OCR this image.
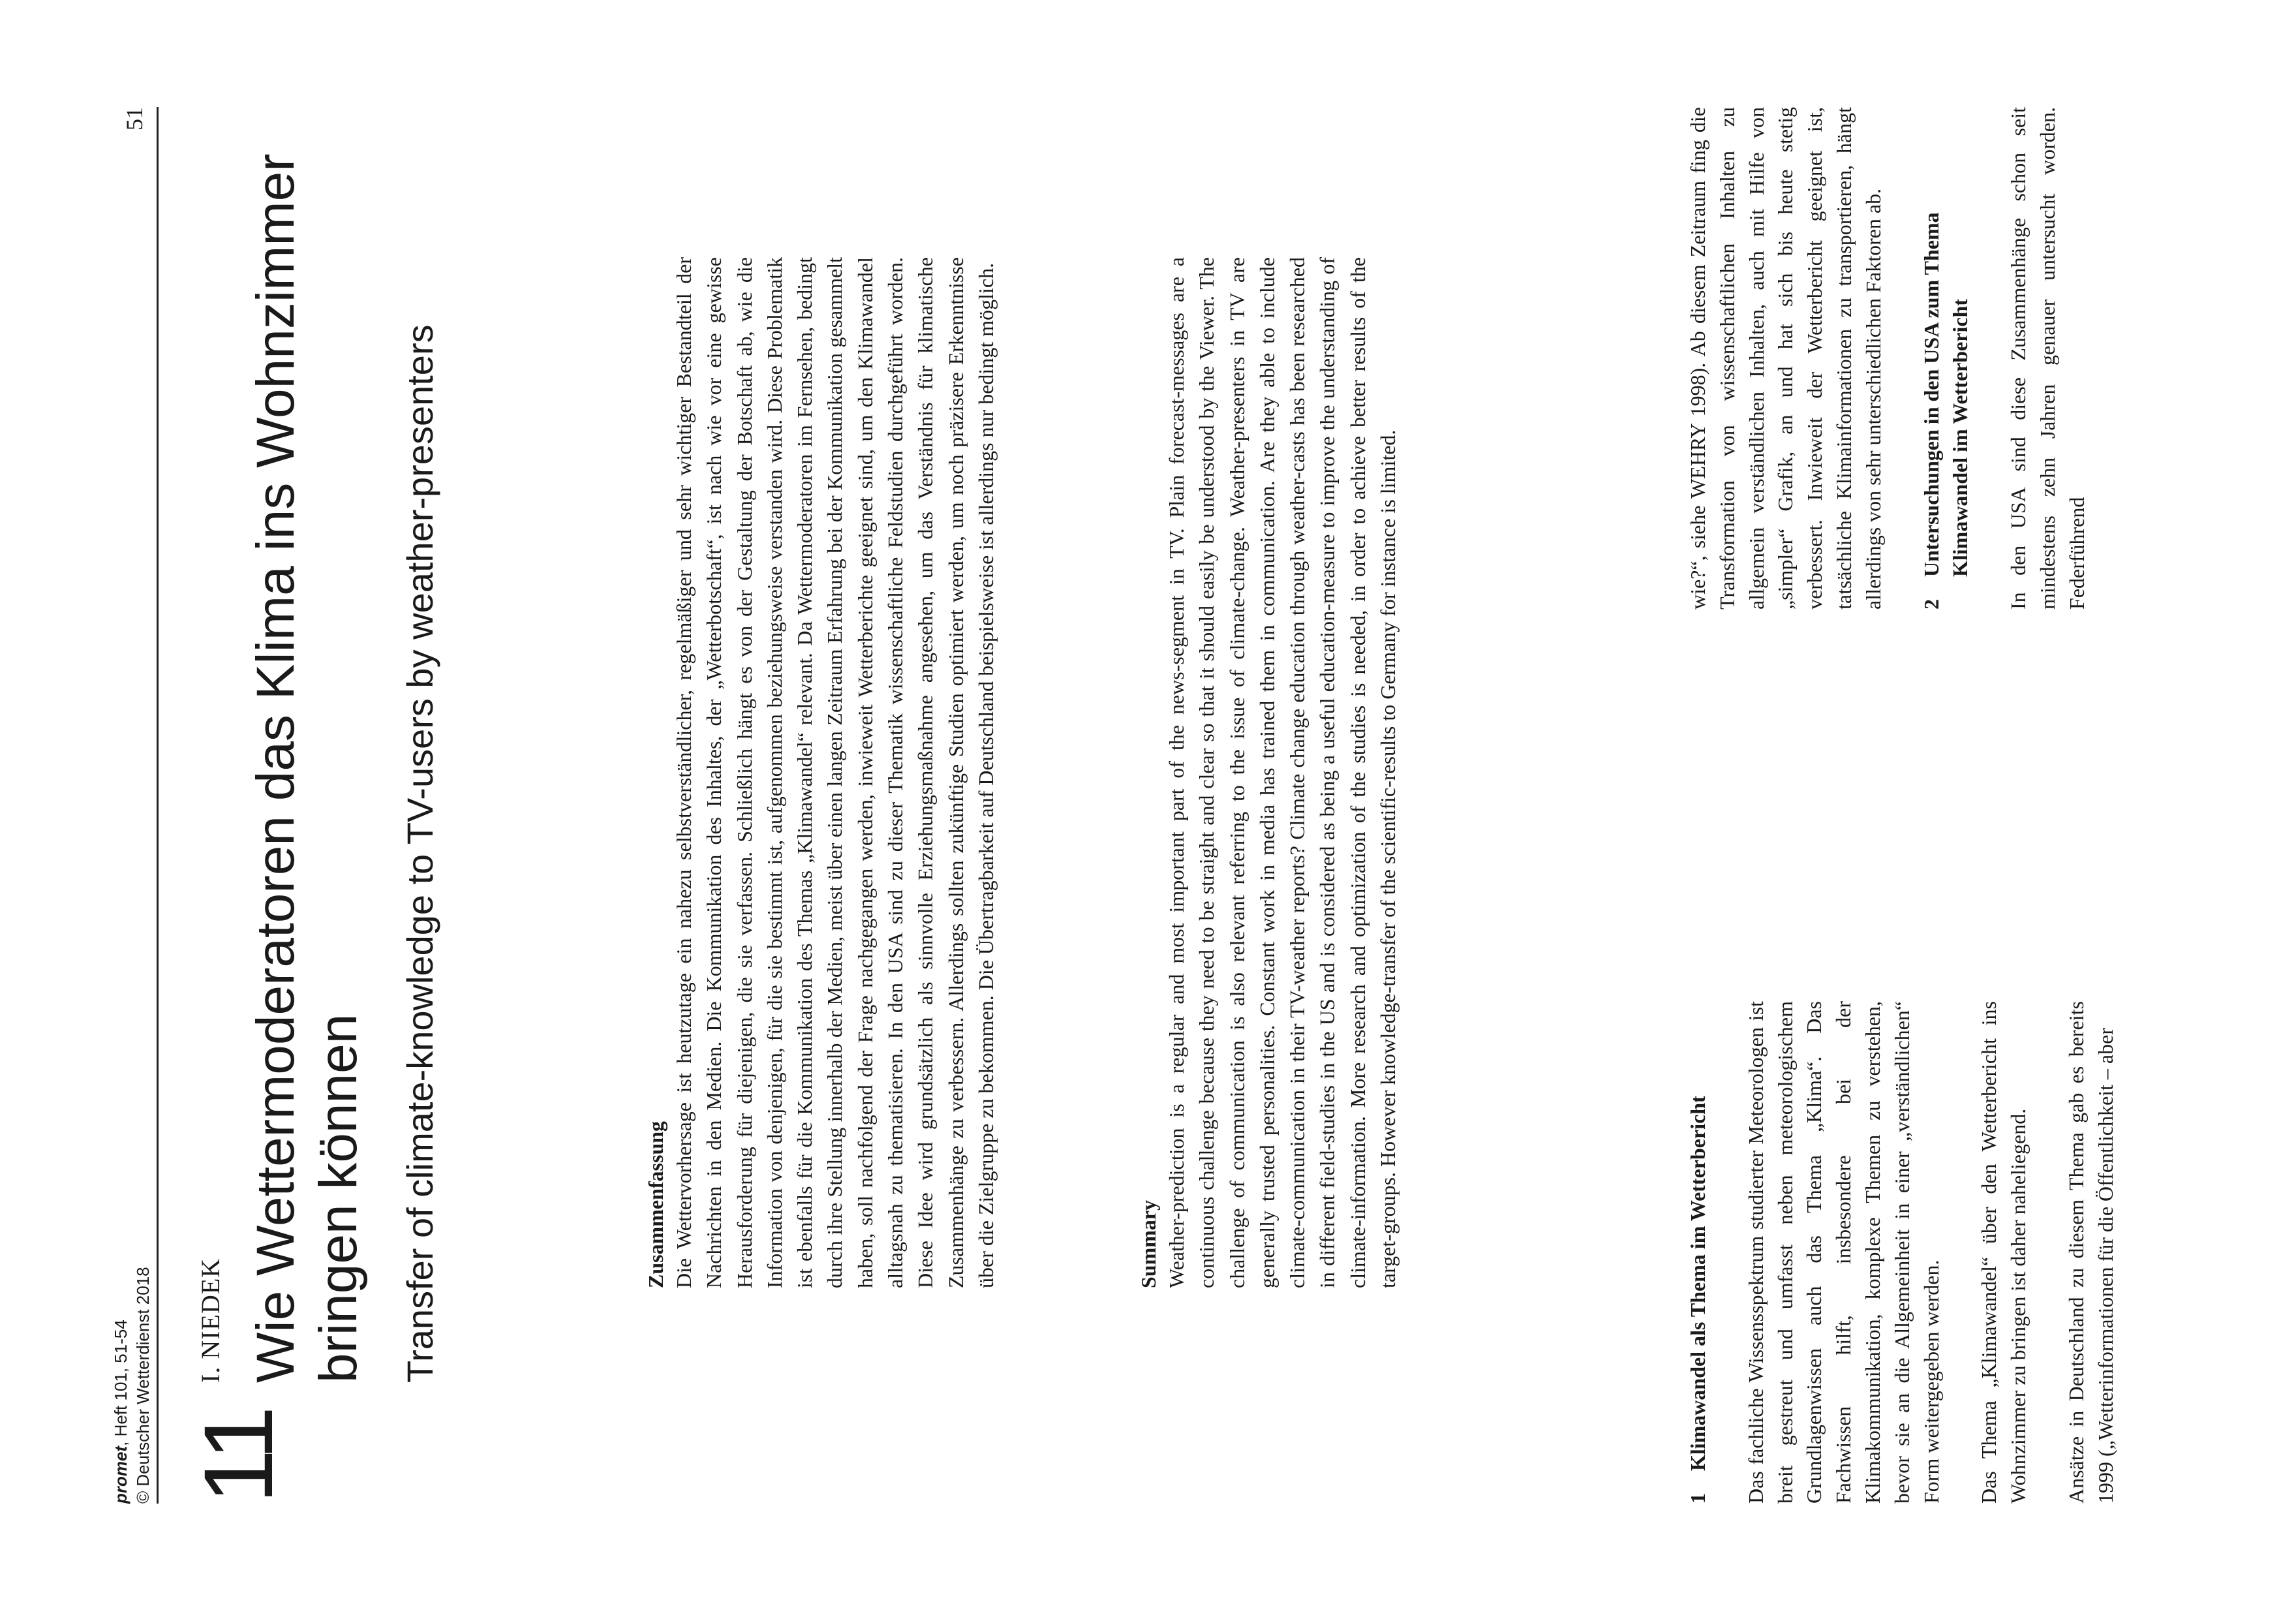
promet, Heft 101, 51-54 © Deutscher Wetterdienst 2018
51
11
I. NIEDEK Wie Wettermoderatoren das Klima ins Wohnzimmer bringen können Transfer of climate-knowledge to TV-users by weather-presenters	Zusammenfassung Die Wettervorhersage ist heutzutage ein nahezu selbstverständlicher, regelmäßiger und sehr wichtiger Bestandteil der Nachrichten in den Medien. Die Kommunikation des Inhaltes, der „Wetterbotschaft“, ist nach wie vor eine gewisse Herausforderung für diejenigen, die sie verfassen. Schließlich hängt es von der Gestaltung der Botschaft ab, wie die Information von denjenigen, für die sie bestimmt ist, aufgenommen beziehungsweise verstanden wird. Diese Problematik ist ebenfalls für die Kommunikation des Themas „Klimawandel“ relevant. Da Wettermoderatoren im Fernsehen, bedingt durch ihre Stellung innerhalb der Medien, meist über einen langen Zeitraum Erfahrung bei der Kommunikation gesammelt haben, soll nachfolgend der Frage nachgegangen werden, inwieweit Wetterberichte geeignet sind, um den Klimawandel alltagsnah zu thematisieren. In den USA sind zu dieser Thematik wissenschaftliche Feldstudien durchgeführt worden. Diese Idee wird grundsätzlich als sinnvolle Erziehungsmaßnahme angesehen, um das Verständnis für klimatische Zusammenhänge zu verbessern. Allerdings sollten zukünftige Studien optimiert werden, um noch präzisere Erkenntnisse über die Zielgruppe zu bekommen. Die Übertragbarkeit auf Deutschland beispielsweise ist allerdings nur bedingt möglich.	Summary Weather-prediction is a regular and most important part of the news-segment in TV. Plain forecast-messages are a continuous challenge because they need to be straight and clear so that it should easily be understood by the Viewer. The challenge of communication is also relevant referring to the issue of climate-change. Weather-presenters in TV are generally trusted personalities. Constant work in media has trained them in communication. Are they able to include climate-communication in their TV-weather reports? Climate change education through weather-casts has been researched in different field-studies in the US and is considered as being a useful education-measure to improve the understanding of climate-information. More research and optimization of the studies is needed, in order to achieve better results of the target-groups. However knowledge-transfer of the scientific-results to Germany for instance is limited.
1
Klimawandel als Thema im Wetterbericht Das fachliche Wissensspektrum studierter Meteorologen ist breit gestreut und umfasst neben meteorologischem Grundlagenwissen auch das Thema „Klima“. Das Fachwissen hilft, insbesondere bei der Klimakommunikation, komplexe Themen zu verstehen, bevor sie an die Allgemeinheit in einer „verständlichen“ Form weitergegeben werden. Das Thema „Klimawandel“ über den Wetterbericht ins Wohnzimmer zu bringen ist daher naheliegend. Ansätze in Deutschland zu diesem Thema gab es bereits 1999 („Wetterinformationen für die Öffentlichkeit – aber
wie?“, siehe WEHRY 1998). Ab diesem Zeitraum fing die Transformation von wissenschaftlichen Inhalten zu allgemein verständlichen Inhalten, auch mit Hilfe von „simpler“ Grafik, an und hat sich bis heute stetig verbessert. Inwieweit der Wetterbericht geeignet ist, tatsächliche Klimainformationen zu transportieren, hängt allerdings von sehr unterschiedlichen Faktoren ab. 2
Untersuchungen in den USA zum Thema Klimawandel im Wetterbericht In den USA sind diese Zusammenhänge schon seit mindestens zehn Jahren genauer untersucht worden. Federführend
